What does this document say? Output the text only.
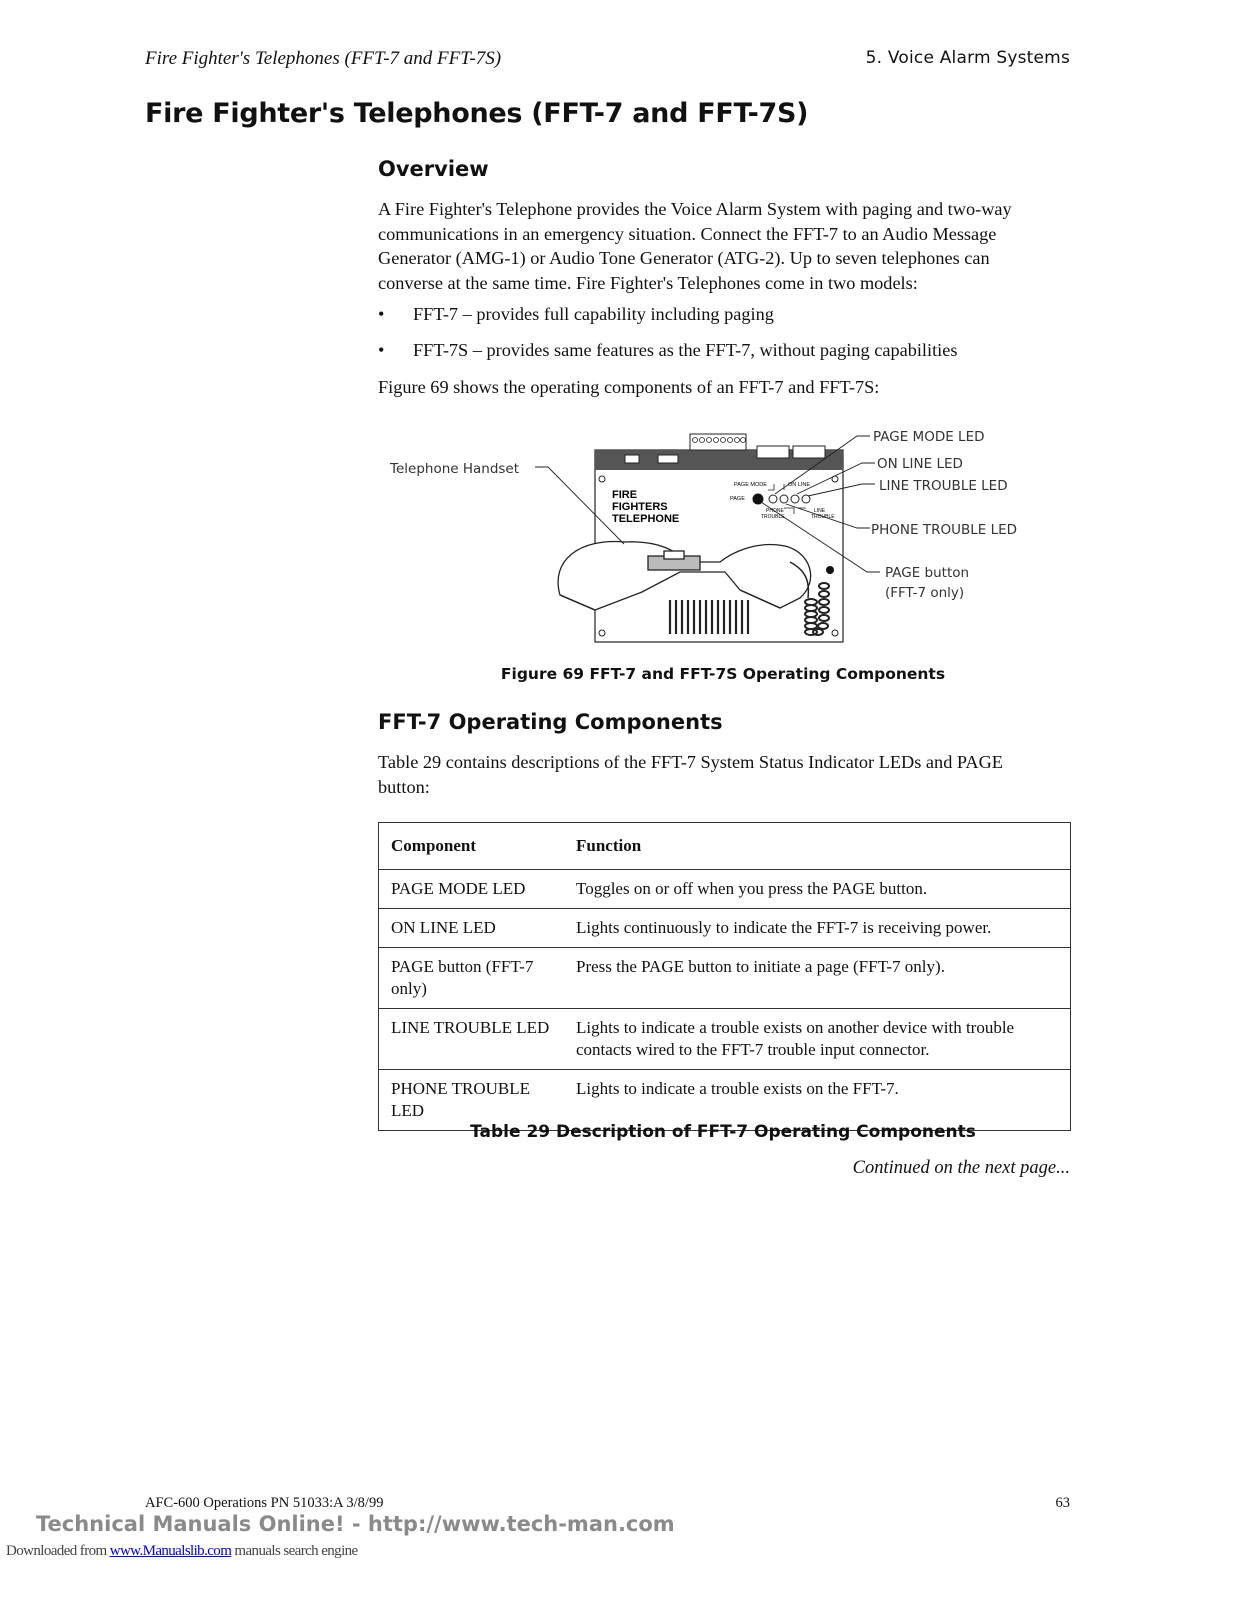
Fire Fighter's Telephones (FFT-7 and FFT-7S)	5. Voice Alarm Systems
Fire Fighter's Telephones (FFT-7 and FFT-7S)
Overview
A Fire Fighter's Telephone provides the Voice Alarm System with paging and two-way
communications in an emergency situation. Connect the FFT-7 to an Audio Message
Generator (AMG-1) or Audio Tone Generator (ATG-2). Up to seven telephones can
converse at the same time. Fire Fighter's Telephones come in two models:
• FFT-7 – provides full capability including paging
• FFT-7S – provides same features as the FFT-7, without paging capabilities
Figure 69 shows the operating components of an FFT-7 and FFT-7S:
FIRE
FIGHTERS
TELEPHONE
PAGE MODE	ON LINE
PAGE
PHONE
TROUBLE
LINE
TROUBLE
Telephone Handset
PAGE MODE LED
ON LINE LED
LINE TROUBLE LED
PHONE TROUBLE LED
PAGE button
(FFT-7 only)
Figure 69 FFT-7 and FFT-7S Operating Components
FFT-7 Operating Components
Table 29 contains descriptions of the FFT-7 System Status Indicator LEDs and PAGE
button:
Component	Function
PAGE MODE LED	Toggles on or off when you press the PAGE button.
ON LINE LED	Lights continuously to indicate the FFT-7 is receiving power.
PAGE button (FFT-7 only)	Press the PAGE button to initiate a page (FFT-7 only).
LINE TROUBLE LED	Lights to indicate a trouble exists on another device with trouble contacts wired to the FFT-7 trouble input connector.
PHONE TROUBLE LED	Lights to indicate a trouble exists on the FFT-7.
Table 29 Description of FFT-7 Operating Components
Continued on the next page...
AFC-600 Operations PN 51033:A 3/8/99	63
Technical Manuals Online! - http://www.tech-man.com
Downloaded from www.Manualslib.com manuals search engine
